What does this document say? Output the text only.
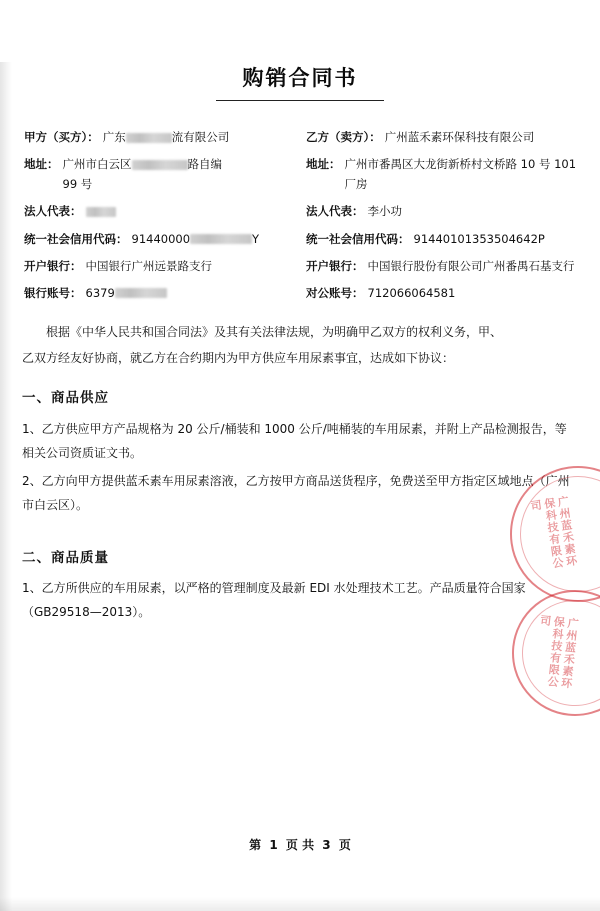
购销合同书
甲方（买方）： 广东	流有限公司
地址： 广州市白云区	路自编
99 号
法人代表：
统一社会信用代码： 91440000	Y
开户银行： 中国银行广州远景路支行
银行账号： 6379
乙方（卖方）： 广州蓝禾素环保科技有限公司
地址： 广州市番禺区大龙街新桥村文桥路 10 号 101 厂房
法人代表： 李小功
统一社会信用代码： 91440101353504642P
开户银行： 中国银行股份有限公司广州番禺石基支行
对公账号： 712066064581

根据《中华人民共和国合同法》及其有关法律法规，为明确甲乙双方的权利义务，甲、

乙双方经友好协商，就乙方在合约期内为甲方供应车用尿素事宜，达成如下协议：

一、商品供应

1、乙方供应甲方产品规格为 20 公斤/桶装和 1000 公斤/吨桶装的车用尿素，并附上产品检测报告，等相关公司资质证文书。

2、乙方向甲方提供蓝禾素车用尿素溶液，乙方按甲方商品送货程序，免费送至甲方指定区域地点（广州市白云区）。

二、商品质量

1、乙方所供应的车用尿素，以严格的管理制度及最新 EDI 水处理技术工艺。产品质量符合国家（GB29518—2013）。

广州蓝禾素环保科技有限公司
广州蓝禾素环保科技有限公司
第 1 页 共 3 页
